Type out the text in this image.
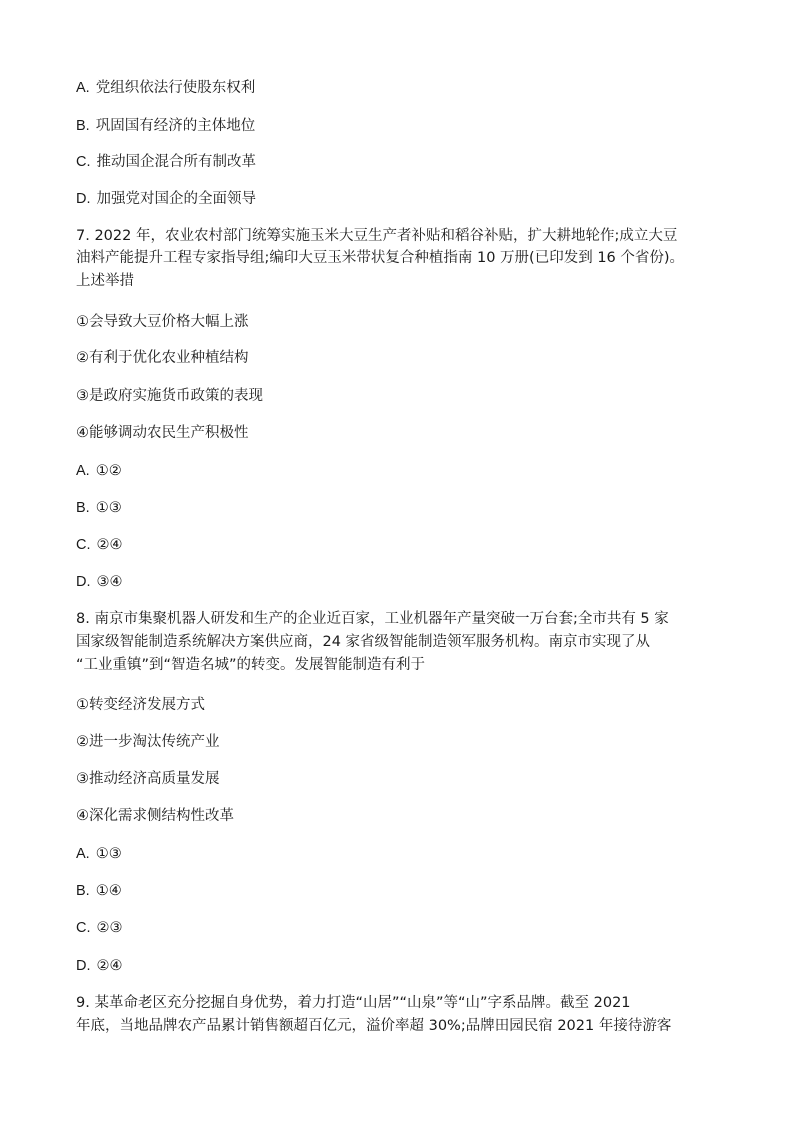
A. 党组织依法行使股东权利
B. 巩固国有经济的主体地位
C. 推动国企混合所有制改革
D. 加强党对国企的全面领导
7. 2022 年，农业农村部门统筹实施玉米大豆生产者补贴和稻谷补贴，扩大耕地轮作;成立大豆
油料产能提升工程专家指导组;编印大豆玉米带状复合种植指南 10 万册(已印发到 16 个省份)。
上述举措
①会导致大豆价格大幅上涨
②有利于优化农业种植结构
③是政府实施货币政策的表现
④能够调动农民生产积极性
A. ①②
B. ①③
C. ②④
D. ③④
8. 南京市集聚机器人研发和生产的企业近百家，工业机器年产量突破一万台套;全市共有 5 家
国家级智能制造系统解决方案供应商，24 家省级智能制造领军服务机构。南京市实现了从
“工业重镇”到“智造名城”的转变。发展智能制造有利于
①转变经济发展方式
②进一步淘汰传统产业
③推动经济高质量发展
④深化需求侧结构性改革
A. ①③
B. ①④
C. ②③
D. ②④
9. 某革命老区充分挖掘自身优势，着力打造“山居”“山泉”等“山”字系品牌。截至 2021
年底，当地品牌农产品累计销售额超百亿元，溢价率超 30%;品牌田园民宿 2021 年接待游客
